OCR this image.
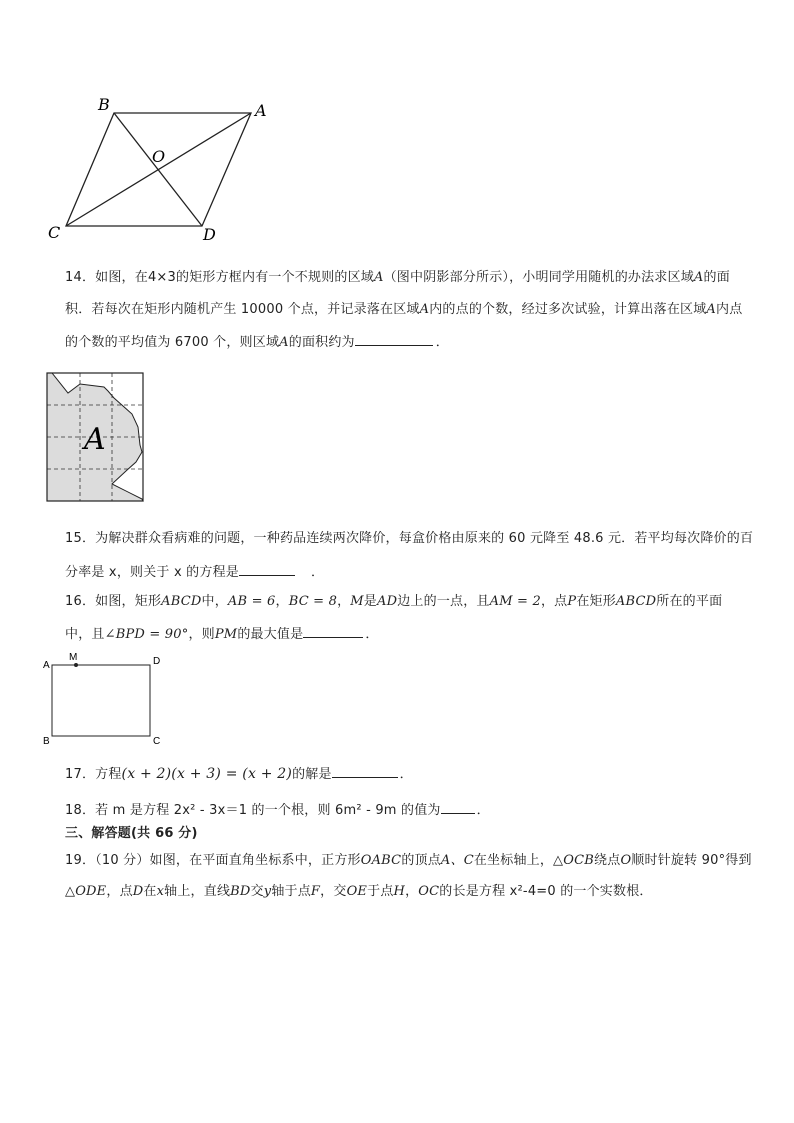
B	A
O
C	D
14．如图，在4×3的矩形方框内有一个不规则的区域A（图中阴影部分所示），小明同学用随机的办法求区域A的面
积．若每次在矩形内随机产生 10000 个点，并记录落在区域A内的点的个数，经过多次试验，计算出落在区域A内点
的个数的平均值为 6700 个，则区域A的面积约为	．
A
15．为解决群众看病难的问题，一种药品连续两次降价，每盒价格由原来的 60 元降至 48.6 元．若平均每次降价的百
分率是 x，则关于 x 的方程是	．
16．如图，矩形ABCD中，AB = 6，BC = 8，M是AD边上的一点，且AM = 2，点P在矩形ABCD所在的平面
中，且∠BPD = 90°，则PM的最大值是	．
A
M	D
B	C
17．方程(x + 2)(x + 3) = (x + 2)的解是	．
18．若 m 是方程 2x² - 3x＝1 的一个根，则 6m² - 9m 的值为	．
三、解答题(共 66 分)
19．（10 分）如图，在平面直角坐标系中，正方形OABC的顶点A、C在坐标轴上，△OCB绕点O顺时针旋转 90°得到
△ODE，点D在x轴上，直线BD交y轴于点F，交OE于点H，OC的长是方程 x²-4=0 的一个实数根．
